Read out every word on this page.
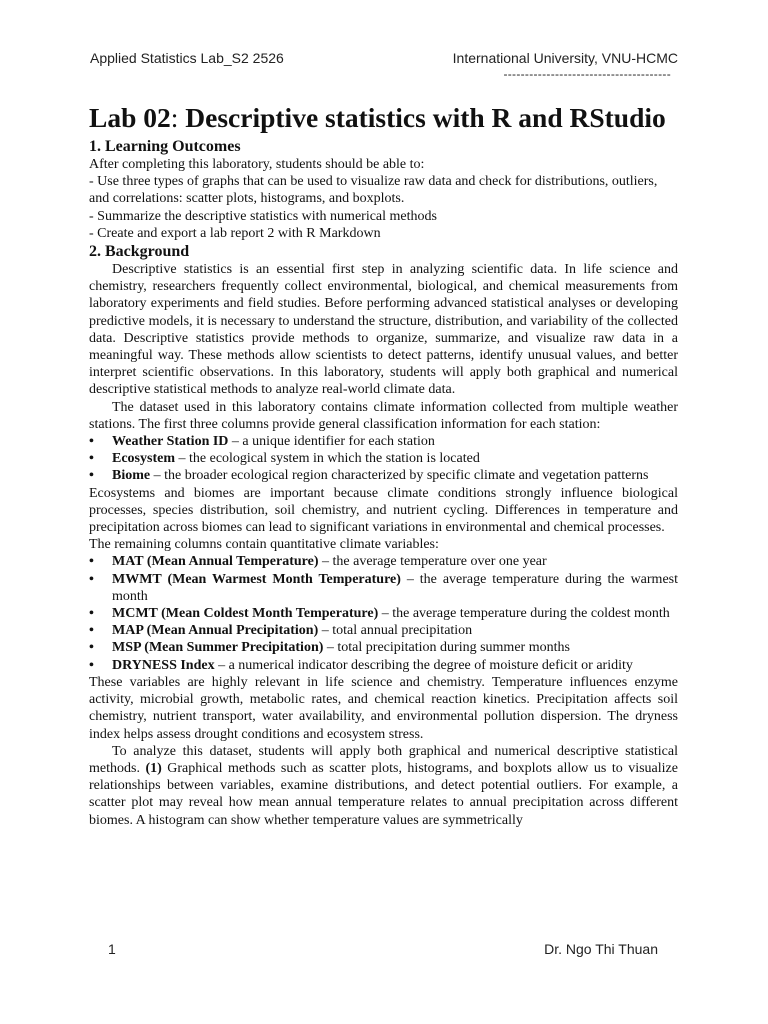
Applied Statistics Lab_S2 2526	International University, VNU-HCMC
---------------------------------------
Lab 02: Descriptive statistics with R and RStudio
1. Learning Outcomes

After completing this laboratory, students should be able to:

- Use three types of graphs that can be used to visualize raw data and check for distributions, outliers, and correlations: scatter plots, histograms, and boxplots.

- Summarize the descriptive statistics with numerical methods

- Create and export a lab report 2 with R Markdown

2. Background

Descriptive statistics is an essential first step in analyzing scientific data. In life science and chemistry, researchers frequently collect environmental, biological, and chemical measurements from laboratory experiments and field studies. Before performing advanced statistical analyses or developing predictive models, it is necessary to understand the structure, distribution, and variability of the collected data. Descriptive statistics provide methods to organize, summarize, and visualize raw data in a meaningful way. These methods allow scientists to detect patterns, identify unusual values, and better interpret scientific observations. In this laboratory, students will apply both graphical and numerical descriptive statistical methods to analyze real-world climate data.

The dataset used in this laboratory contains climate information collected from multiple weather stations. The first three columns provide general classification information for each station:

• Weather Station ID – a unique identifier for each station
• Ecosystem – the ecological system in which the station is located
• Biome – the broader ecological region characterized by specific climate and vegetation patterns

Ecosystems and biomes are important because climate conditions strongly influence biological processes, species distribution, soil chemistry, and nutrient cycling. Differences in temperature and precipitation across biomes can lead to significant variations in environmental and chemical processes.

The remaining columns contain quantitative climate variables:

• MAT (Mean Annual Temperature) – the average temperature over one year
• MWMT (Mean Warmest Month Temperature) – the average temperature during the warmest month
• MCMT (Mean Coldest Month Temperature) – the average temperature during the coldest month
• MAP (Mean Annual Precipitation) – total annual precipitation
• MSP (Mean Summer Precipitation) – total precipitation during summer months
• DRYNESS Index – a numerical indicator describing the degree of moisture deficit or aridity

These variables are highly relevant in life science and chemistry. Temperature influences enzyme activity, microbial growth, metabolic rates, and chemical reaction kinetics. Precipitation affects soil chemistry, nutrient transport, water availability, and environmental pollution dispersion. The dryness index helps assess drought conditions and ecosystem stress.

To analyze this dataset, students will apply both graphical and numerical descriptive statistical methods. (1) Graphical methods such as scatter plots, histograms, and boxplots allow us to visualize relationships between variables, examine distributions, and detect potential outliers. For example, a scatter plot may reveal how mean annual temperature relates to annual precipitation across different biomes. A histogram can show whether temperature values are symmetrically

1	Dr. Ngo Thi Thuan
